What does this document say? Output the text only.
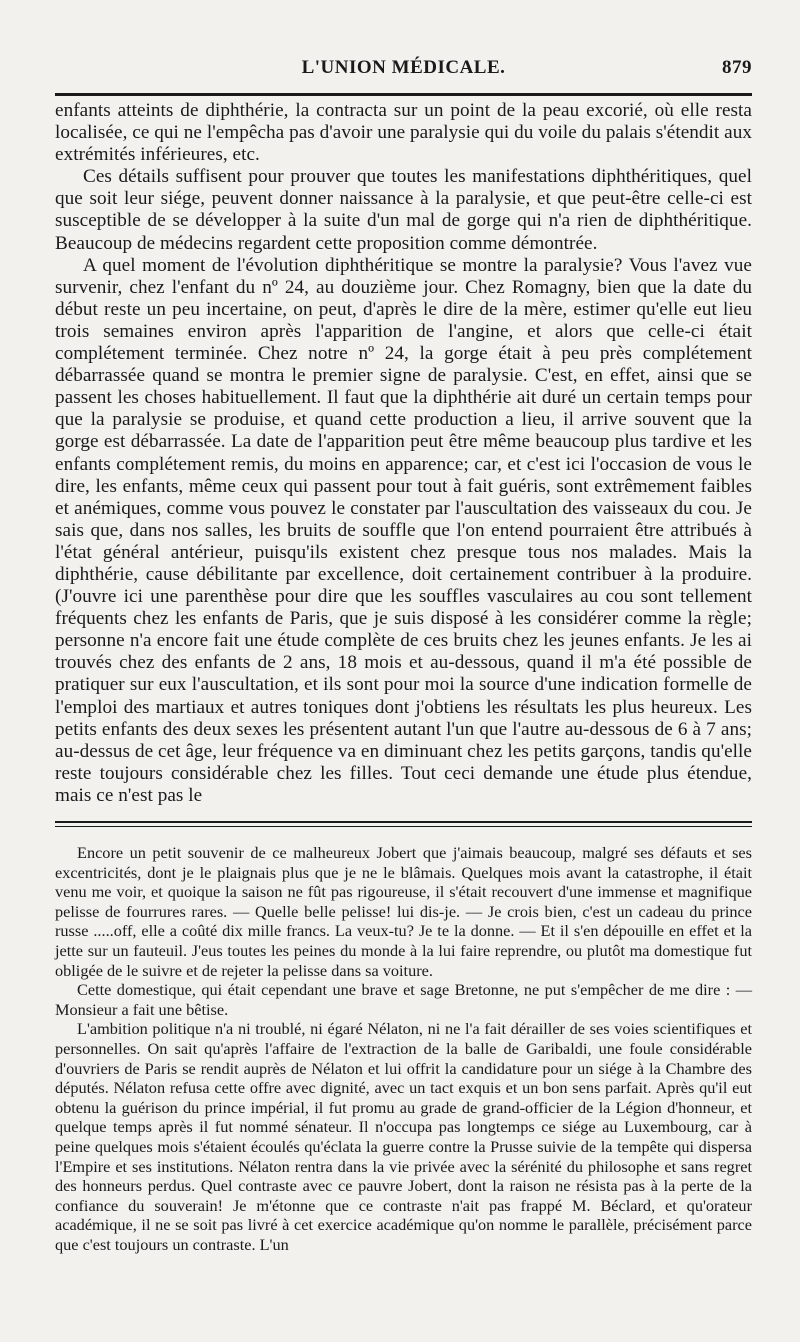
L'UNION MÉDICALE.	879

enfants atteints de diphthérie, la contracta sur un point de la peau excorié, où elle resta localisée, ce qui ne l'empêcha pas d'avoir une paralysie qui du voile du palais s'étendit aux extrémités inférieures, etc.

Ces détails suffisent pour prouver que toutes les manifestations diphthéritiques, quel que soit leur siége, peuvent donner naissance à la paralysie, et que peut-être celle-ci est susceptible de se développer à la suite d'un mal de gorge qui n'a rien de diphthéritique. Beaucoup de médecins regardent cette proposition comme démontrée.

A quel moment de l'évolution diphthéritique se montre la paralysie? Vous l'avez vue survenir, chez l'enfant du nº 24, au douzième jour. Chez Romagny, bien que la date du début reste un peu incertaine, on peut, d'après le dire de la mère, estimer qu'elle eut lieu trois semaines environ après l'apparition de l'angine, et alors que celle-ci était complétement terminée. Chez notre nº 24, la gorge était à peu près complétement débarrassée quand se montra le premier signe de paralysie. C'est, en effet, ainsi que se passent les choses habituellement. Il faut que la diphthérie ait duré un certain temps pour que la paralysie se produise, et quand cette production a lieu, il arrive souvent que la gorge est débarrassée. La date de l'apparition peut être même beaucoup plus tardive et les enfants complétement remis, du moins en apparence; car, et c'est ici l'occasion de vous le dire, les enfants, même ceux qui passent pour tout à fait guéris, sont extrêmement faibles et anémiques, comme vous pouvez le constater par l'auscultation des vaisseaux du cou. Je sais que, dans nos salles, les bruits de souffle que l'on entend pourraient être attribués à l'état général antérieur, puisqu'ils existent chez presque tous nos malades. Mais la diphthérie, cause débilitante par excellence, doit certainement contribuer à la produire. (J'ouvre ici une parenthèse pour dire que les souffles vasculaires au cou sont tellement fréquents chez les enfants de Paris, que je suis disposé à les considérer comme la règle; personne n'a encore fait une étude complète de ces bruits chez les jeunes enfants. Je les ai trouvés chez des enfants de 2 ans, 18 mois et au-dessous, quand il m'a été possible de pratiquer sur eux l'auscultation, et ils sont pour moi la source d'une indication formelle de l'emploi des martiaux et autres toniques dont j'obtiens les résultats les plus heureux. Les petits enfants des deux sexes les présentent autant l'un que l'autre au-dessous de 6 à 7 ans; au-dessus de cet âge, leur fréquence va en diminuant chez les petits garçons, tandis qu'elle reste toujours considérable chez les filles. Tout ceci demande une étude plus étendue, mais ce n'est pas le

Encore un petit souvenir de ce malheureux Jobert que j'aimais beaucoup, malgré ses défauts et ses excentricités, dont je le plaignais plus que je ne le blâmais. Quelques mois avant la catastrophe, il était venu me voir, et quoique la saison ne fût pas rigoureuse, il s'était recouvert d'une immense et magnifique pelisse de fourrures rares. — Quelle belle pelisse! lui dis-je. — Je crois bien, c'est un cadeau du prince russe .....off, elle a coûté dix mille francs. La veux-tu? Je te la donne. — Et il s'en dépouille en effet et la jette sur un fauteuil. J'eus toutes les peines du monde à la lui faire reprendre, ou plutôt ma domestique fut obligée de le suivre et de rejeter la pelisse dans sa voiture.

Cette domestique, qui était cependant une brave et sage Bretonne, ne put s'empêcher de me dire : — Monsieur a fait une bêtise.

L'ambition politique n'a ni troublé, ni égaré Nélaton, ni ne l'a fait dérailler de ses voies scientifiques et personnelles. On sait qu'après l'affaire de l'extraction de la balle de Garibaldi, une foule considérable d'ouvriers de Paris se rendit auprès de Nélaton et lui offrit la candidature pour un siége à la Chambre des députés. Nélaton refusa cette offre avec dignité, avec un tact exquis et un bon sens parfait. Après qu'il eut obtenu la guérison du prince impérial, il fut promu au grade de grand-officier de la Légion d'honneur, et quelque temps après il fut nommé sénateur. Il n'occupa pas longtemps ce siége au Luxembourg, car à peine quelques mois s'étaient écoulés qu'éclata la guerre contre la Prusse suivie de la tempête qui dispersa l'Empire et ses institutions. Nélaton rentra dans la vie privée avec la sérénité du philosophe et sans regret des honneurs perdus. Quel contraste avec ce pauvre Jobert, dont la raison ne résista pas à la perte de la confiance du souverain! Je m'étonne que ce contraste n'ait pas frappé M. Béclard, et qu'orateur académique, il ne se soit pas livré à cet exercice académique qu'on nomme le parallèle, précisément parce que c'est toujours un contraste. L'un
